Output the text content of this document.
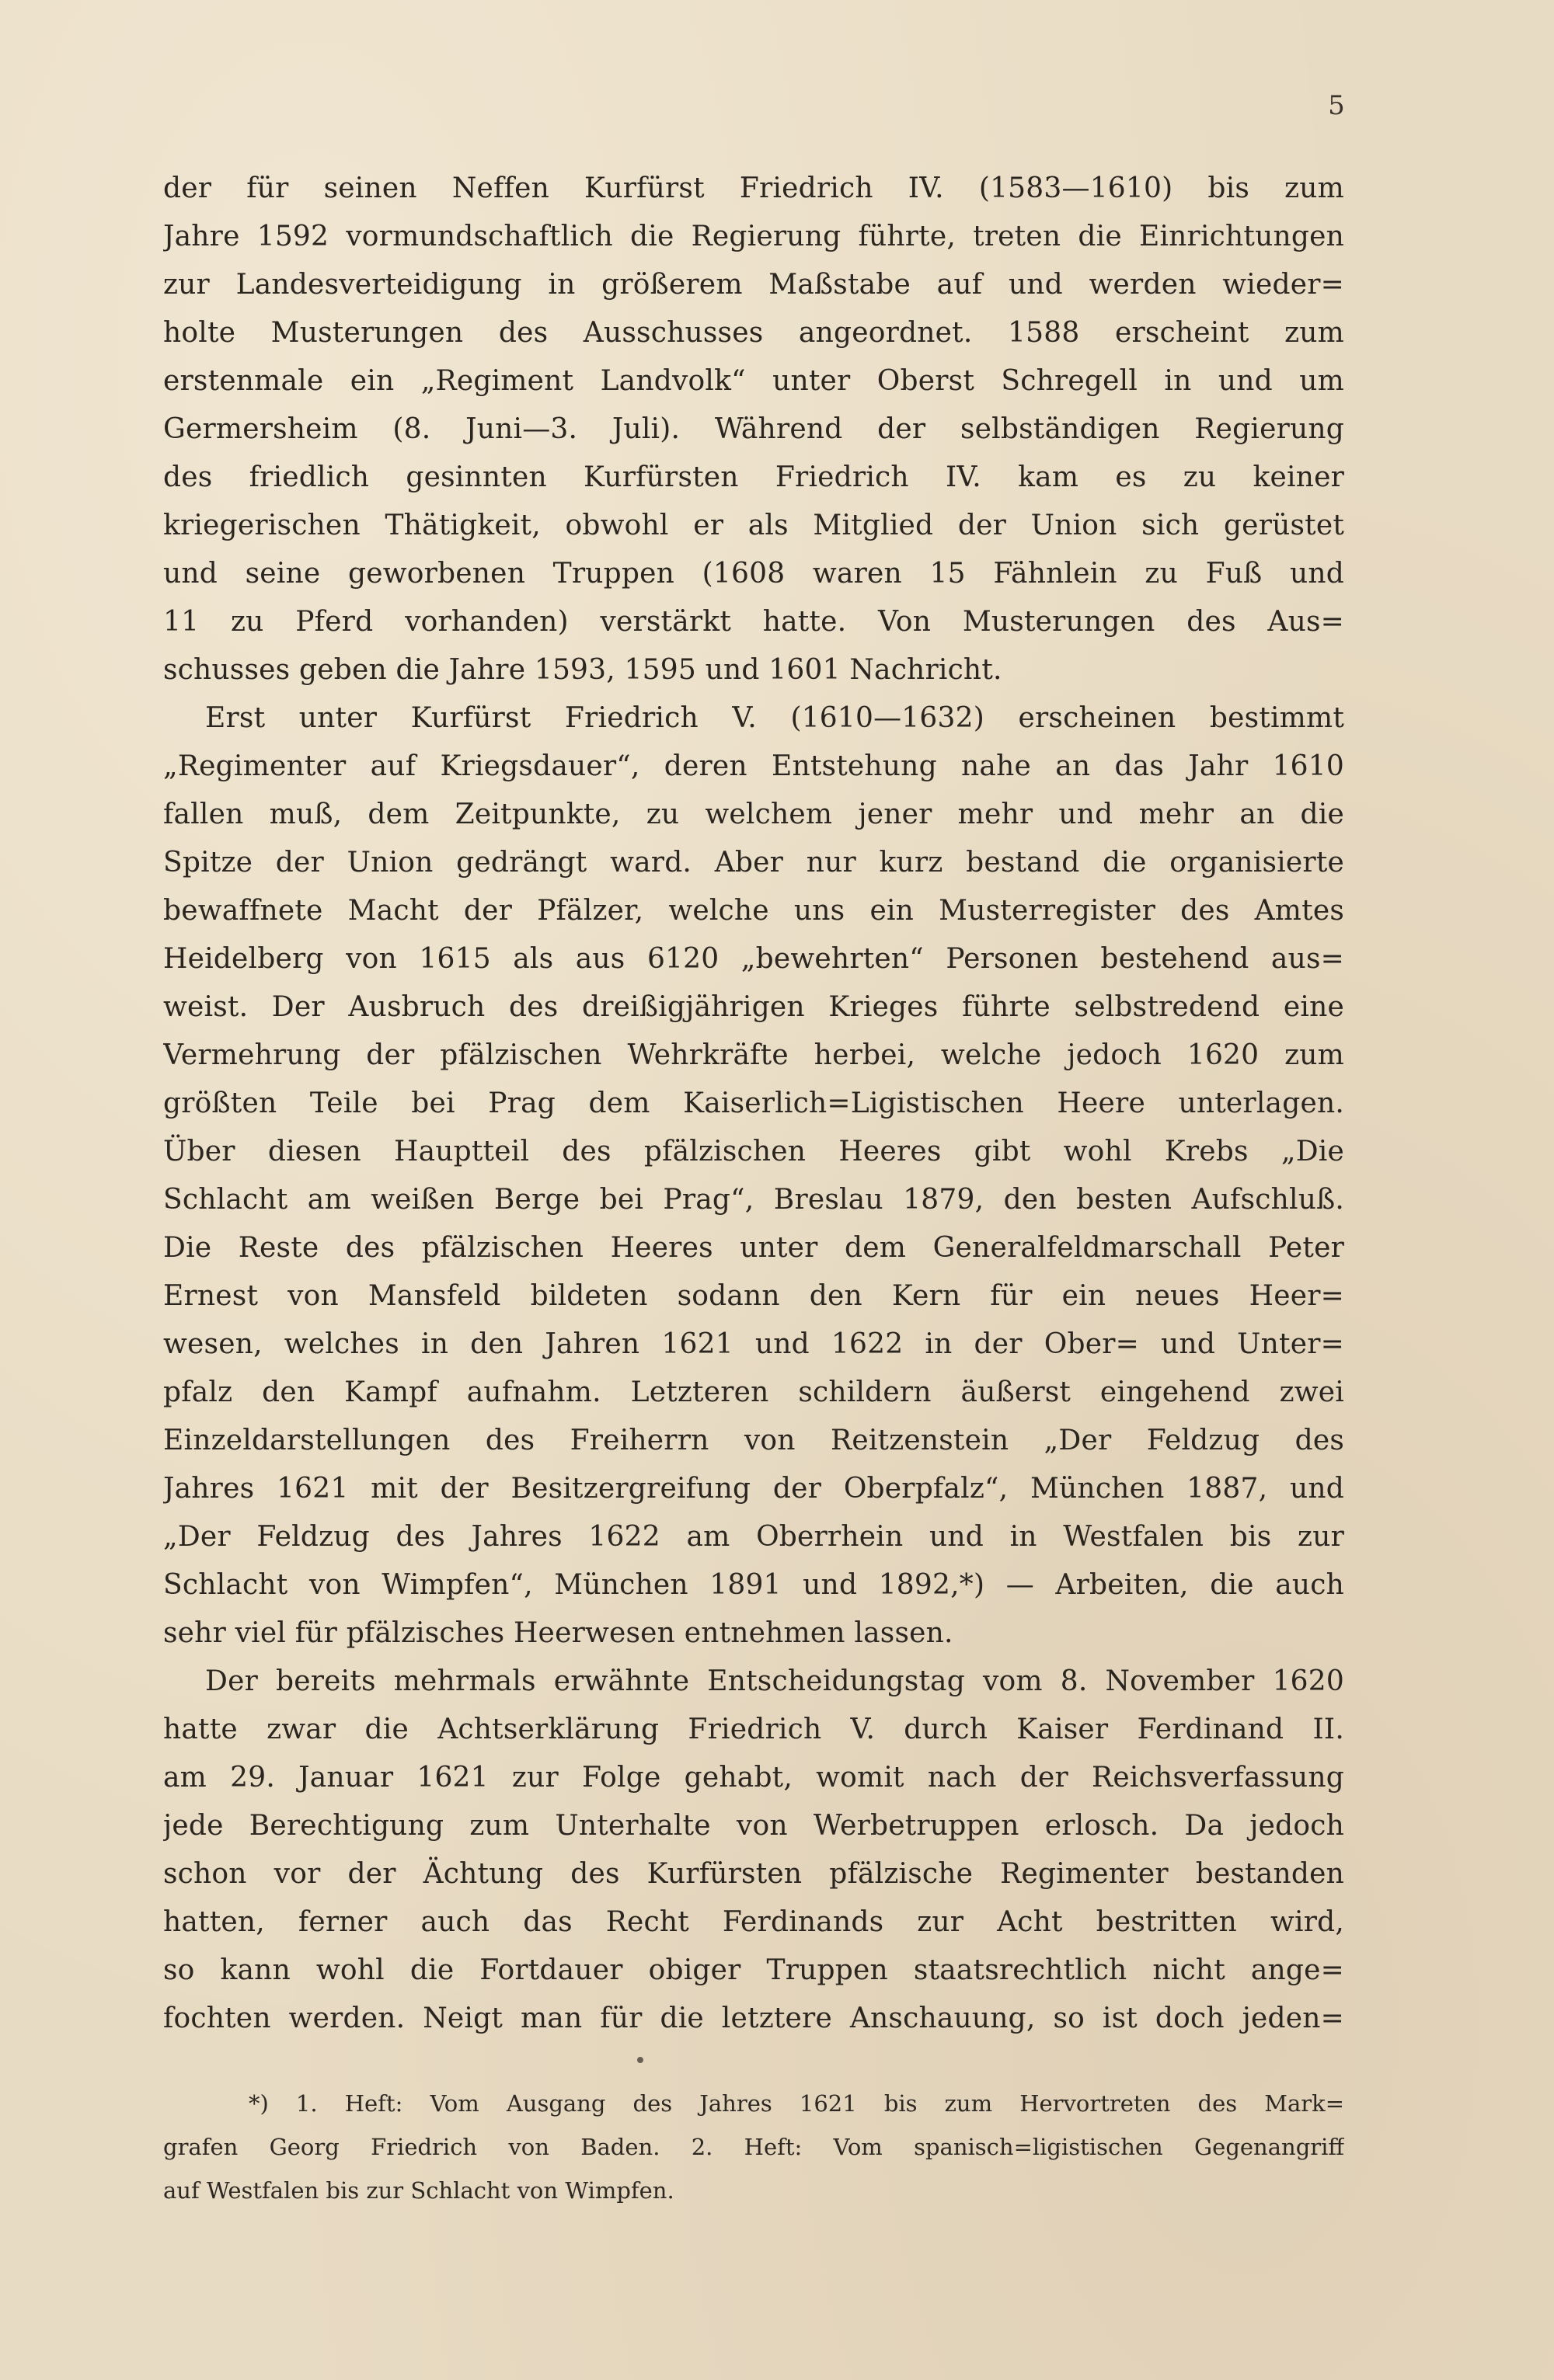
5
der für seinen Neffen Kurfürst Friedrich IV. (1583—1610) bis zum
Jahre 1592 vormundschaftlich die Regierung führte, treten die Einrichtungen
zur Landesverteidigung in größerem Maßstabe auf und werden wieder=
holte Musterungen des Ausschusses angeordnet. 1588 erscheint zum
erstenmale ein „Regiment Landvolk“ unter Oberst Schregell in und um
Germersheim (8. Juni—3. Juli). Während der selbständigen Regierung
des friedlich gesinnten Kurfürsten Friedrich IV. kam es zu keiner
kriegerischen Thätigkeit, obwohl er als Mitglied der Union sich gerüstet
und seine geworbenen Truppen (1608 waren 15 Fähnlein zu Fuß und
11 zu Pferd vorhanden) verstärkt hatte. Von Musterungen des Aus=
schusses geben die Jahre 1593, 1595 und 1601 Nachricht.
Erst unter Kurfürst Friedrich V. (1610—1632) erscheinen bestimmt
„Regimenter auf Kriegsdauer“, deren Entstehung nahe an das Jahr 1610
fallen muß, dem Zeitpunkte, zu welchem jener mehr und mehr an die
Spitze der Union gedrängt ward. Aber nur kurz bestand die organisierte
bewaffnete Macht der Pfälzer, welche uns ein Musterregister des Amtes
Heidelberg von 1615 als aus 6120 „bewehrten“ Personen bestehend aus=
weist. Der Ausbruch des dreißigjährigen Krieges führte selbstredend eine
Vermehrung der pfälzischen Wehrkräfte herbei, welche jedoch 1620 zum
größten Teile bei Prag dem Kaiserlich=Ligistischen Heere unterlagen.
Über diesen Hauptteil des pfälzischen Heeres gibt wohl Krebs „Die
Schlacht am weißen Berge bei Prag“, Breslau 1879, den besten Aufschluß.
Die Reste des pfälzischen Heeres unter dem Generalfeldmarschall Peter
Ernest von Mansfeld bildeten sodann den Kern für ein neues Heer=
wesen, welches in den Jahren 1621 und 1622 in der Ober= und Unter=
pfalz den Kampf aufnahm. Letzteren schildern äußerst eingehend zwei
Einzeldarstellungen des Freiherrn von Reitzenstein „Der Feldzug des
Jahres 1621 mit der Besitzergreifung der Oberpfalz“, München 1887, und
„Der Feldzug des Jahres 1622 am Oberrhein und in Westfalen bis zur
Schlacht von Wimpfen“, München 1891 und 1892,*) — Arbeiten, die auch
sehr viel für pfälzisches Heerwesen entnehmen lassen.
Der bereits mehrmals erwähnte Entscheidungstag vom 8. November 1620
hatte zwar die Achtserklärung Friedrich V. durch Kaiser Ferdinand II.
am 29. Januar 1621 zur Folge gehabt, womit nach der Reichsverfassung
jede Berechtigung zum Unterhalte von Werbetruppen erlosch. Da jedoch
schon vor der Ächtung des Kurfürsten pfälzische Regimenter bestanden
hatten, ferner auch das Recht Ferdinands zur Acht bestritten wird,
so kann wohl die Fortdauer obiger Truppen staatsrechtlich nicht ange=
fochten werden. Neigt man für die letztere Anschauung, so ist doch jeden=
*) 1. Heft: Vom Ausgang des Jahres 1621 bis zum Hervortreten des Mark=
grafen Georg Friedrich von Baden. 2. Heft: Vom spanisch=ligistischen Gegenangriff
auf Westfalen bis zur Schlacht von Wimpfen.
